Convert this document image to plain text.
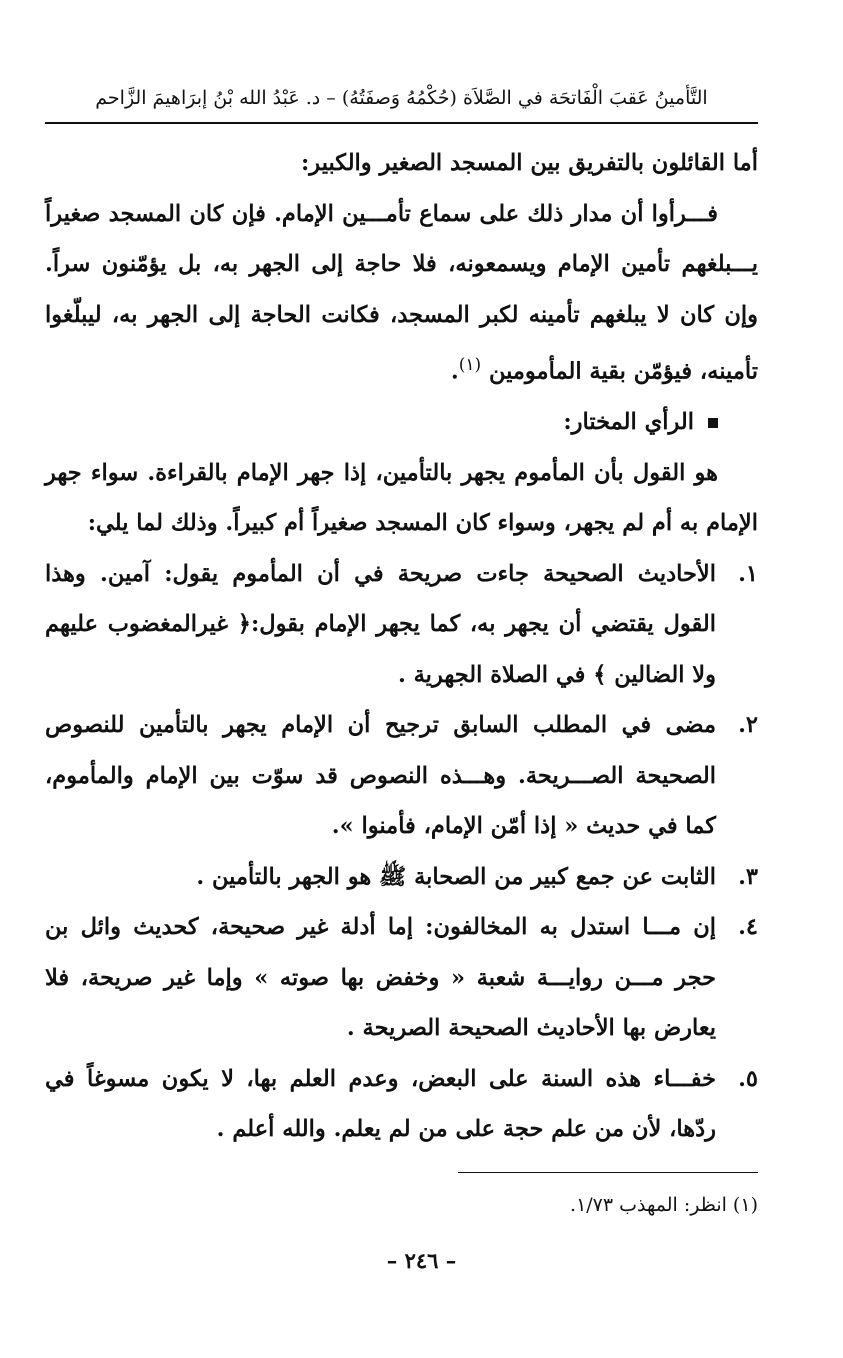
التَّأمينُ عَقبَ الْفَاتحَة في الصَّلاَة (حُكْمُهُ وَصفَتُهُ) – د. عَبْدُ الله بْنُ إبرَاهيمَ الزَّاحم

أما القائلون بالتفريق بين المسجد الصغير والكبير:

فـــرأوا أن مدار ذلك على سماع تأمـــين الإمام. فإن كان المسجد صغيراً يـــبلغهم تأمين الإمام ويسمعونه، فلا حاجة إلى الجهر به، بل يؤمّنون سراً. وإن كان لا يبلغهم تأمينه لكبر المسجد، فكانت الحاجة إلى الجهر به، ليبلّغوا تأمينه، فيؤمّن بقية المأمومين $^{(١)}$.

الرأي المختار:

هو القول بأن المأموم يجهر بالتأمين، إذا جهر الإمام بالقراءة. سواء جهر الإمام به أم لم يجهر، وسواء كان المسجد صغيراً أم كبيراً. وذلك لما يلي:

١.
الأحاديث الصحيحة جاءت صريحة في أن المأموم يقول: آمين. وهذا القول يقتضي أن يجهر به، كما يجهر الإمام بقول:﴿ غيرالمغضوب عليهم ولا الضالين ﴾ في الصلاة الجهرية .

٢.
مضى في المطلب السابق ترجيح أن الإمام يجهر بالتأمين للنصوص الصحيحة الصـــريحة. وهـــذه النصوص قد سوّت بين الإمام والمأموم، كما في حديث « إذا أمّن الإمام، فأمنوا ».

٣.
الثابت عن جمع كبير من الصحابة ﷺ هو الجهر بالتأمين .

٤.
إن مـــا استدل به المخالفون: إما أدلة غير صحيحة، كحديث وائل بن حجر مـــن روايـــة شعبة « وخفض بها صوته » وإما غير صريحة، فلا يعارض بها الأحاديث الصحيحة الصريحة .

٥.
خفـــاء هذه السنة على البعض، وعدم العلم بها، لا يكون مسوغاً في ردّها، لأن من علم حجة على من لم يعلم. والله أعلم .

(١) انظر: المهذب ١/٧٣.
– ٢٤٦ –
